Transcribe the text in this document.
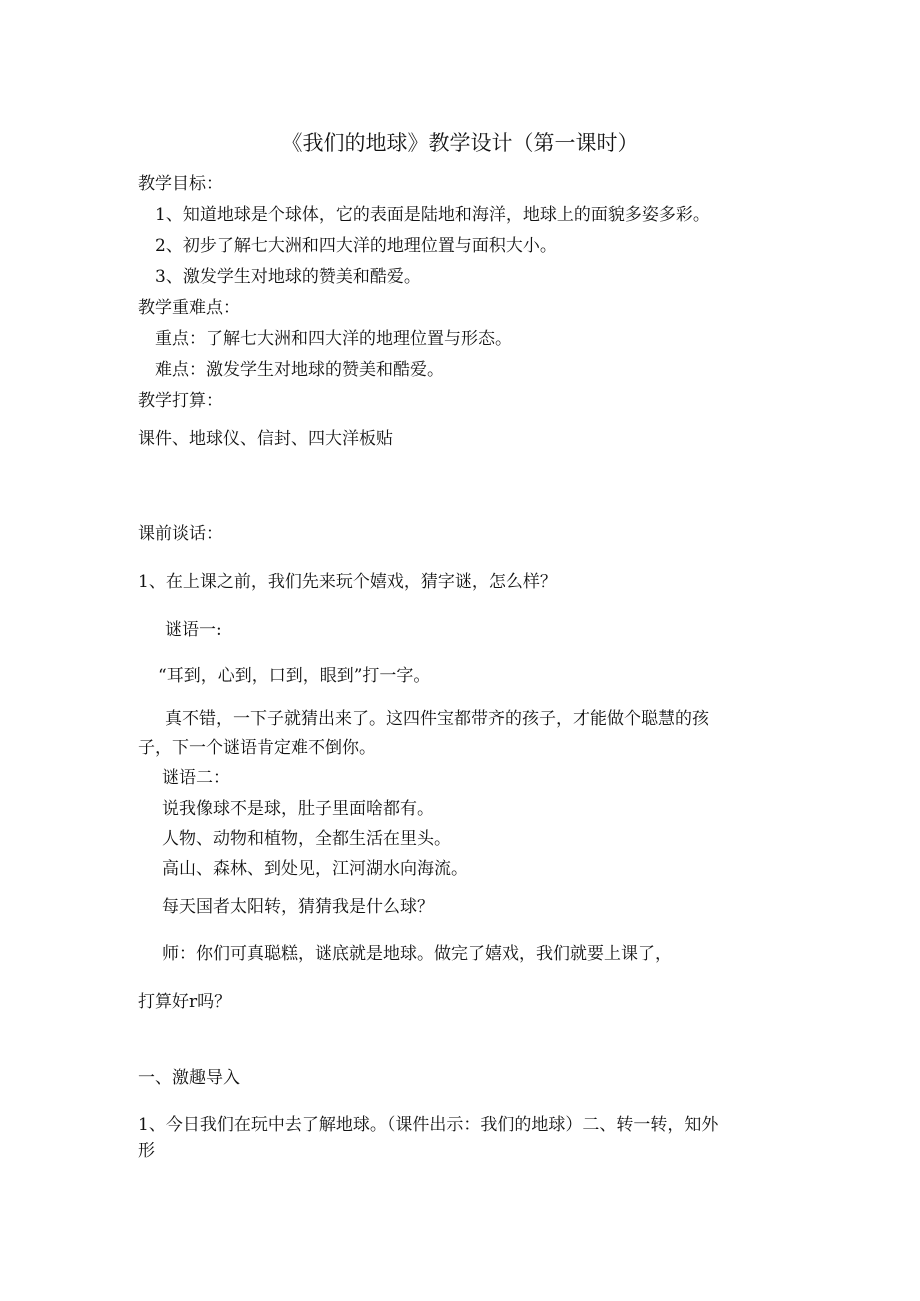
《我们的地球》教学设计（第一课时）
教学目标：
1、知道地球是个球体，它的表面是陆地和海洋，地球上的面貌多姿多彩。
2、初步了解七大洲和四大洋的地理位置与面积大小。
3、激发学生对地球的赞美和酷爱。
教学重难点：
重点：了解七大洲和四大洋的地理位置与形态。
难点：激发学生对地球的赞美和酷爱。
教学打算：
课件、地球仪、信封、四大洋板贴
课前谈话：
1、在上课之前，我们先来玩个嬉戏，猜字谜，怎么样？
谜语一:
“耳到，心到，口到，眼到”打一字。
真不错，一下子就猜出来了。这四件宝都带齐的孩子，才能做个聪慧的孩
子，下一个谜语肯定难不倒你。
谜语二：
说我像球不是球，肚子里面啥都有。
人物、动物和植物，全都生活在里头。
高山、森林、到处见，江河湖水向海流。
每天国者太阳转，猜猜我是什么球？
师：你们可真聪糕，谜底就是地球。做完了嬉戏，我们就要上课了，
打算好r吗？
一、激趣导入
1、今日我们在玩中去了解地球。（课件出示：我们的地球）二、转一转，知外
形
